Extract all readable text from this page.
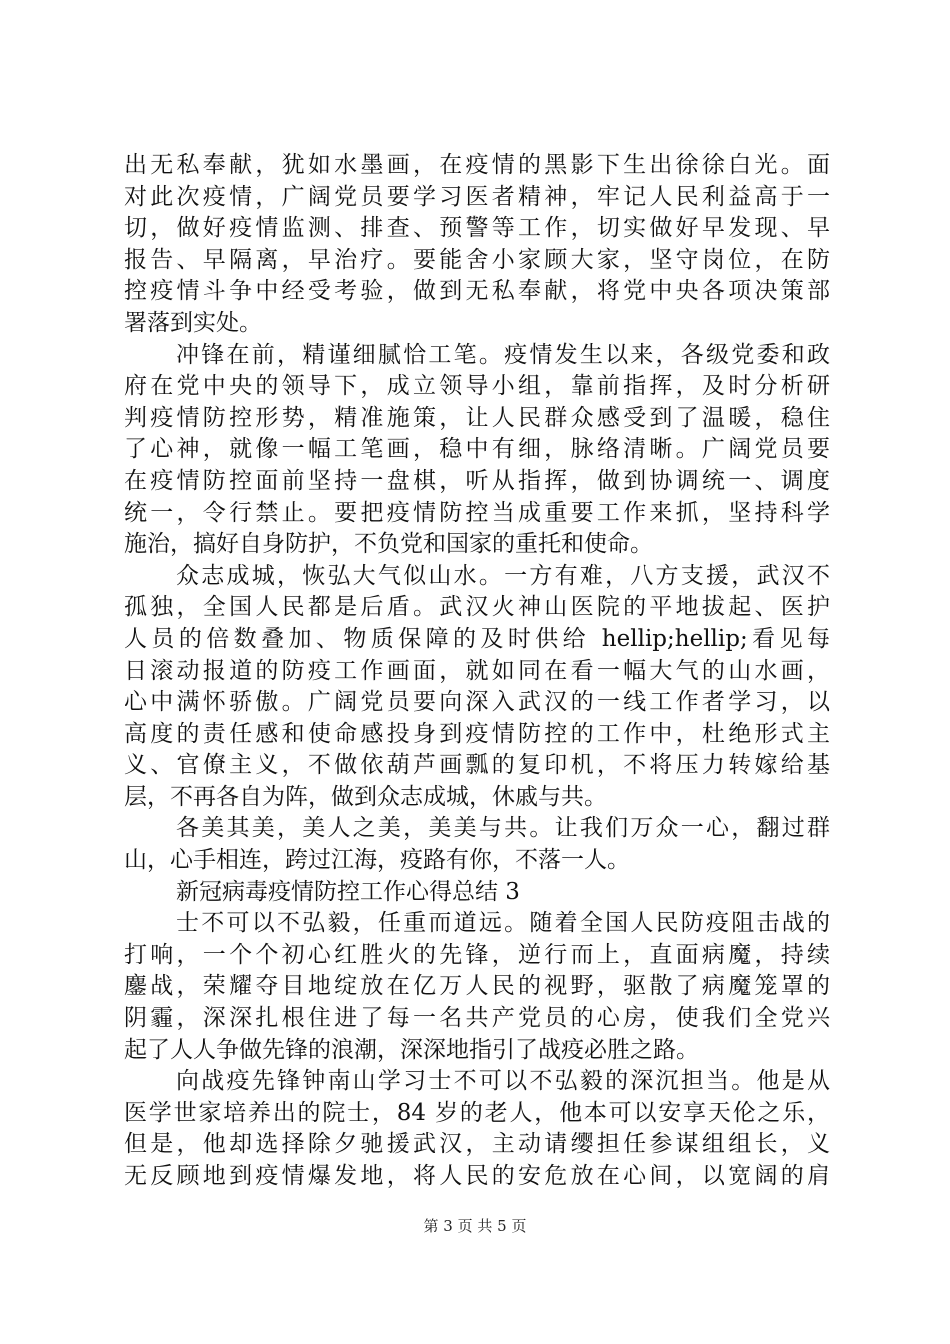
出无私奉献，犹如水墨画，在疫情的黑影下生出徐徐白光。面
对此次疫情，广阔党员要学习医者精神，牢记人民利益高于一
切，做好疫情监测、排查、预警等工作，切实做好早发现、早
报告、早隔离，早治疗。要能舍小家顾大家，坚守岗位，在防
控疫情斗争中经受考验，做到无私奉献，将党中央各项决策部
署落到实处。
冲锋在前，精谨细腻恰工笔。疫情发生以来，各级党委和政
府在党中央的领导下，成立领导小组，靠前指挥，及时分析研
判疫情防控形势，精准施策，让人民群众感受到了温暖，稳住
了心神，就像一幅工笔画，稳中有细，脉络清晰。广阔党员要
在疫情防控面前坚持一盘棋，听从指挥，做到协调统一、调度
统一，令行禁止。要把疫情防控当成重要工作来抓，坚持科学
施治，搞好自身防护，不负党和国家的重托和使命。
众志成城，恢弘大气似山水。一方有难，八方支援，武汉不
孤独，全国人民都是后盾。武汉火神山医院的平地拔起、医护
人员的倍数叠加、物质保障的及时供给 hellip;hellip;看见每
日滚动报道的防疫工作画面，就如同在看一幅大气的山水画，
心中满怀骄傲。广阔党员要向深入武汉的一线工作者学习，以
高度的责任感和使命感投身到疫情防控的工作中，杜绝形式主
义、官僚主义，不做依葫芦画瓢的复印机，不将压力转嫁给基
层，不再各自为阵，做到众志成城，休戚与共。
各美其美，美人之美，美美与共。让我们万众一心，翻过群
山，心手相连，跨过江海，疫路有你，不落一人。
新冠病毒疫情防控工作心得总结 3
士不可以不弘毅，任重而道远。随着全国人民防疫阻击战的
打响，一个个初心红胜火的先锋，逆行而上，直面病魔，持续
鏖战，荣耀夺目地绽放在亿万人民的视野，驱散了病魔笼罩的
阴霾，深深扎根住进了每一名共产党员的心房，使我们全党兴
起了人人争做先锋的浪潮，深深地指引了战疫必胜之路。
向战疫先锋钟南山学习士不可以不弘毅的深沉担当。他是从
医学世家培养出的院士，84 岁的老人，他本可以安享天伦之乐，
但是，他却选择除夕驰援武汉，主动请缨担任参谋组组长，义
无反顾地到疫情爆发地，将人民的安危放在心间，以宽阔的肩
第 3 页 共 5 页
